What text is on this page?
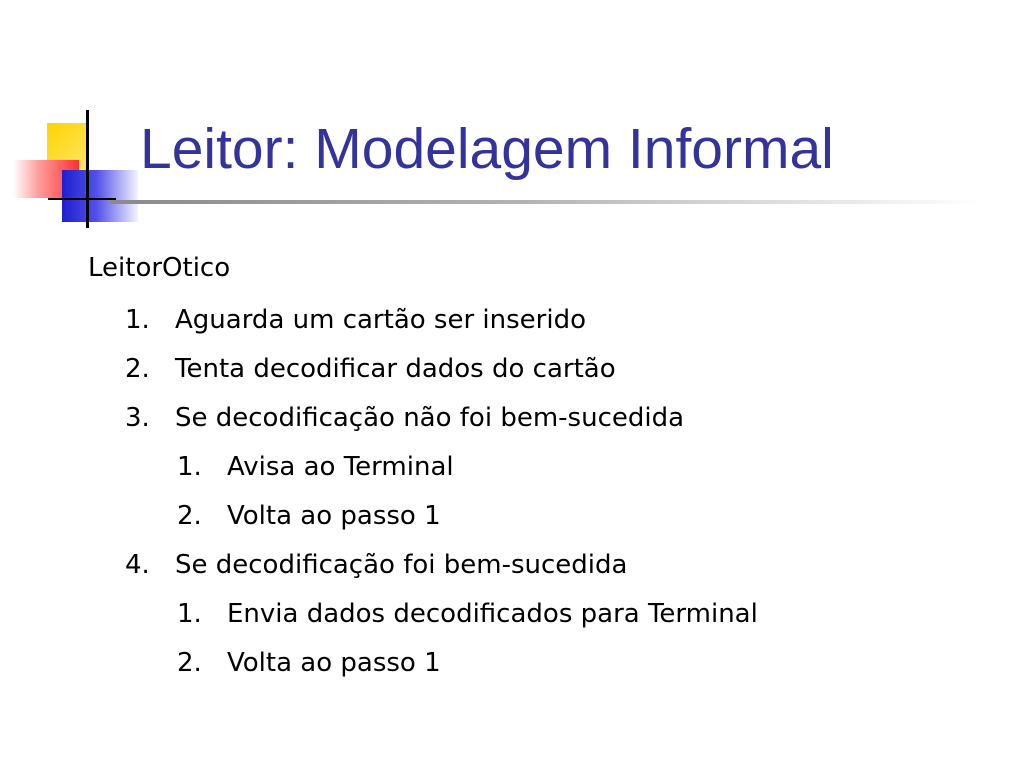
Leitor: Modelagem Informal
LeitorOtico
1. Aguarda um cartão ser inserido
2. Tenta decodificar dados do cartão
3. Se decodificação não foi bem-sucedida
1. Avisa ao Terminal
2. Volta ao passo 1
4. Se decodificação foi bem-sucedida
1. Envia dados decodificados para Terminal
2. Volta ao passo 1
